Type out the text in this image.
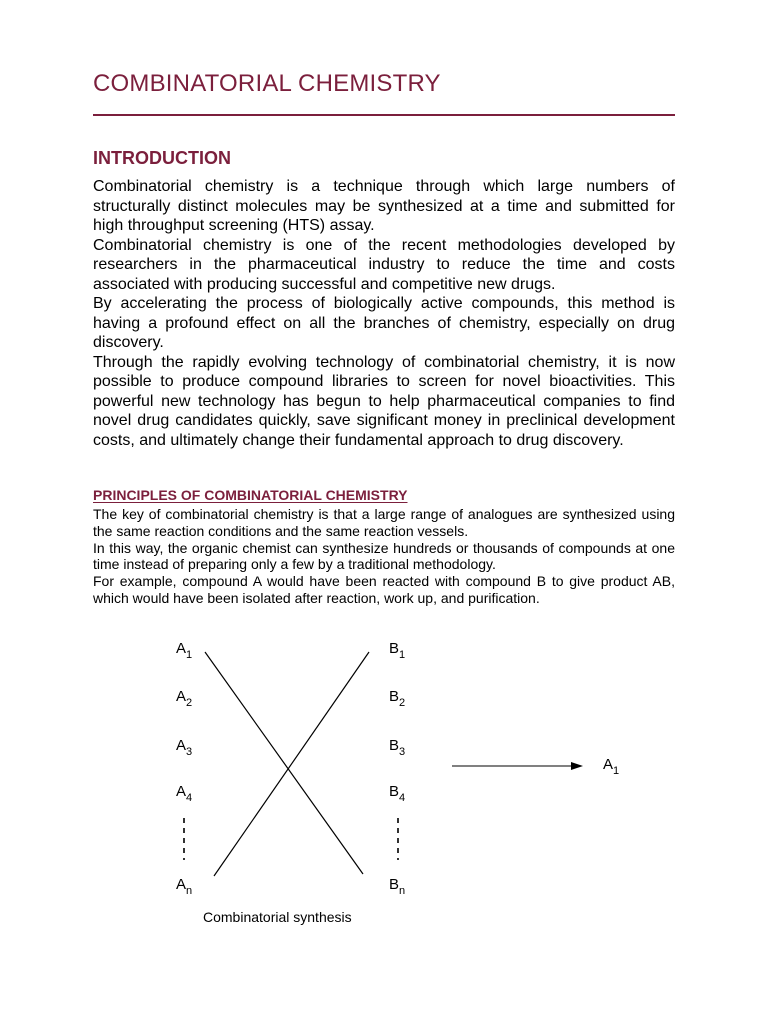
COMBINATORIAL CHEMISTRY
INTRODUCTION

Combinatorial chemistry is a technique through which large numbers of structurally distinct molecules may be synthesized at a time and submitted for high throughput screening (HTS) assay.

Combinatorial chemistry is one of the recent methodologies developed by researchers in the pharmaceutical industry to reduce the time and costs associated with producing successful and competitive new drugs.

By accelerating the process of biologically active compounds, this method is having a profound effect on all the branches of chemistry, especially on drug discovery.

Through the rapidly evolving technology of combinatorial chemistry, it is now possible to produce compound libraries to screen for novel bioactivities. This powerful new technology has begun to help pharmaceutical companies to find novel drug candidates quickly, save significant money in preclinical development costs, and ultimately change their fundamental approach to drug discovery.

PRINCIPLES OF COMBINATORIAL CHEMISTRY

The key of combinatorial chemistry is that a large range of analogues are synthesized using the same reaction conditions and the same reaction vessels.

In this way, the organic chemist can synthesize hundreds or thousands of compounds at one time instead of preparing only a few by a traditional methodology.

For example, compound A would have been reacted with compound B to give product AB, which would have been isolated after reaction, work up, and purification.

$A_1$
$A_2$
$A_3$
$A_4$
$A_n$
$B_1$
$B_2$
$B_3$
$B_4$
$B_n$
$A_1$
Combinatorial synthesis
